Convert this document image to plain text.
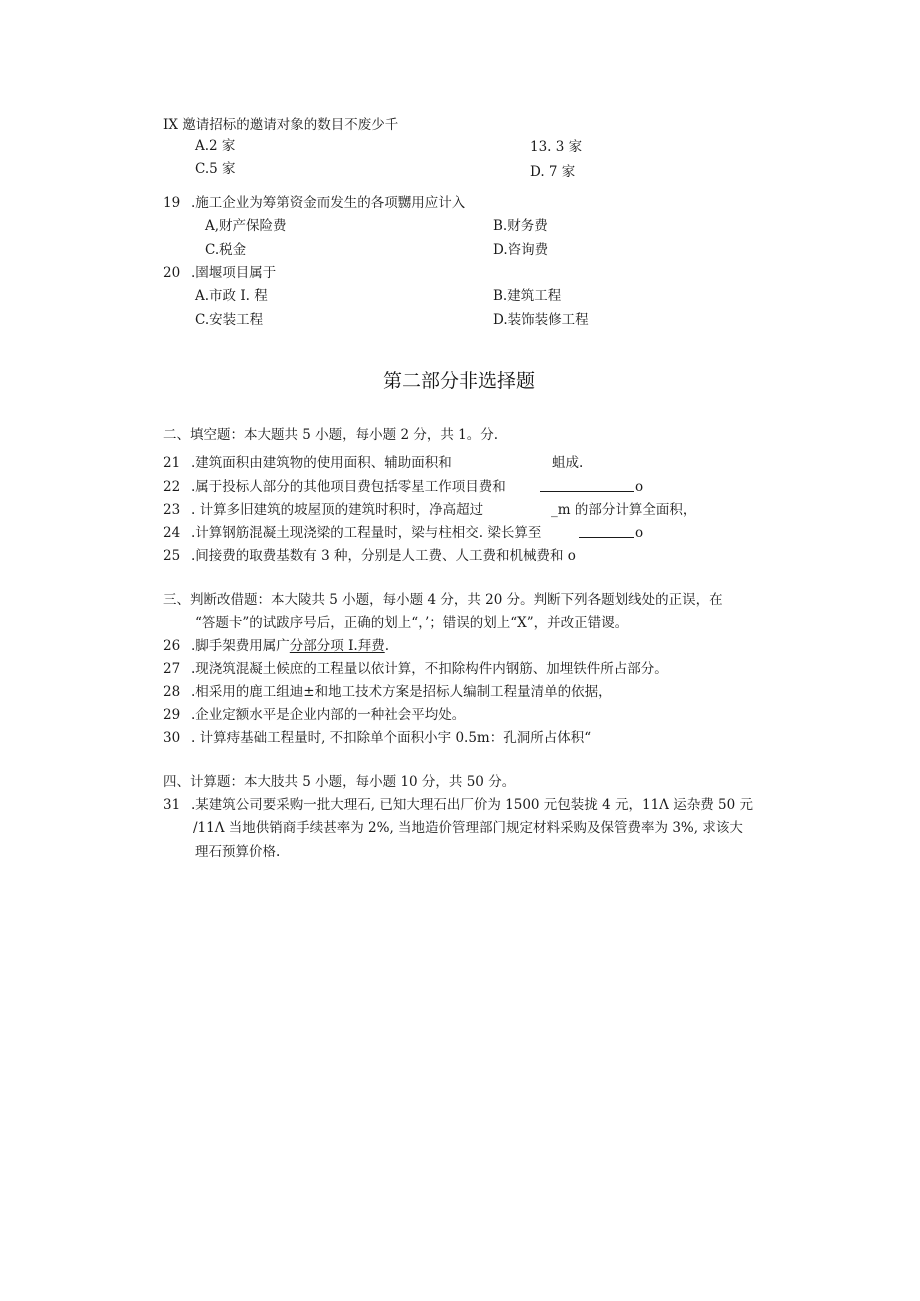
IX 邀请招标的邀请对象的数目不废少千
A.2 家	13. 3 家
C.5 家	D. 7 家
19 .施工企业为筹第资金而发生的各项嬲用应计入
A,财产保险费	B.财务费
C.税金	D.咨询费
20 .圉堰项目属于
A.市政 I. 程	B.建筑工程
C.安装工程	D.装饰装修工程
第二部分非选择题
二、填空题：本大题共 5 小题，每小题 2 分，共 1。分.
21 .建筑面积由建筑物的使用面积、辅助面积和	蛆成.
22 .属于投标人部分的其他项目费包括零星工作项目费和	o
23 . 计算多旧建筑的坡屋顶的建筑时积时，净高超过	_m 的部分计算全面积，
24 .计算钢筋混凝土现浇梁的工程量时，梁与柱相交. 梁长算至	o
25 .间接费的取费基数有 3 种，分别是人工费、人工费和机械费和 o
三、判断改借题：本大陵共 5 小题，每小题 4 分，共 20 分。判断下列各题划线处的正误，在
“答题卡”的试跋序号后，正确的划上“，’；错误的划上“X”，并改正错谡。
26 .脚手架费用属广分部分项 I.拜费.
27 .现浇筑混凝土候庶的工程量以依计算，不扣除构件内钢筋、加埋铁件所占部分。
28 .相采用的鹿工组迪±和地工技术方案是招标人编制工程量清单的依据，
29 .企业定额水平是企业内部的一种社会平均处。
30 . 计算痔基础工程量时, 不扣除单个面积小宇 0.5m：孔洞所占体积“
四、计算题：本大肢共 5 小题，每小题 10 分，共 50 分。
31 .某建筑公司要采购一批大理石, 已知大理石出厂价为 1500 元包装拢 4 元，11Λ 运杂费 50 元
/11Λ 当地供销商手续甚率为 2%, 当地造价管理部门规定材料采购及保管费率为 3%, 求该大
理石预算价格.
